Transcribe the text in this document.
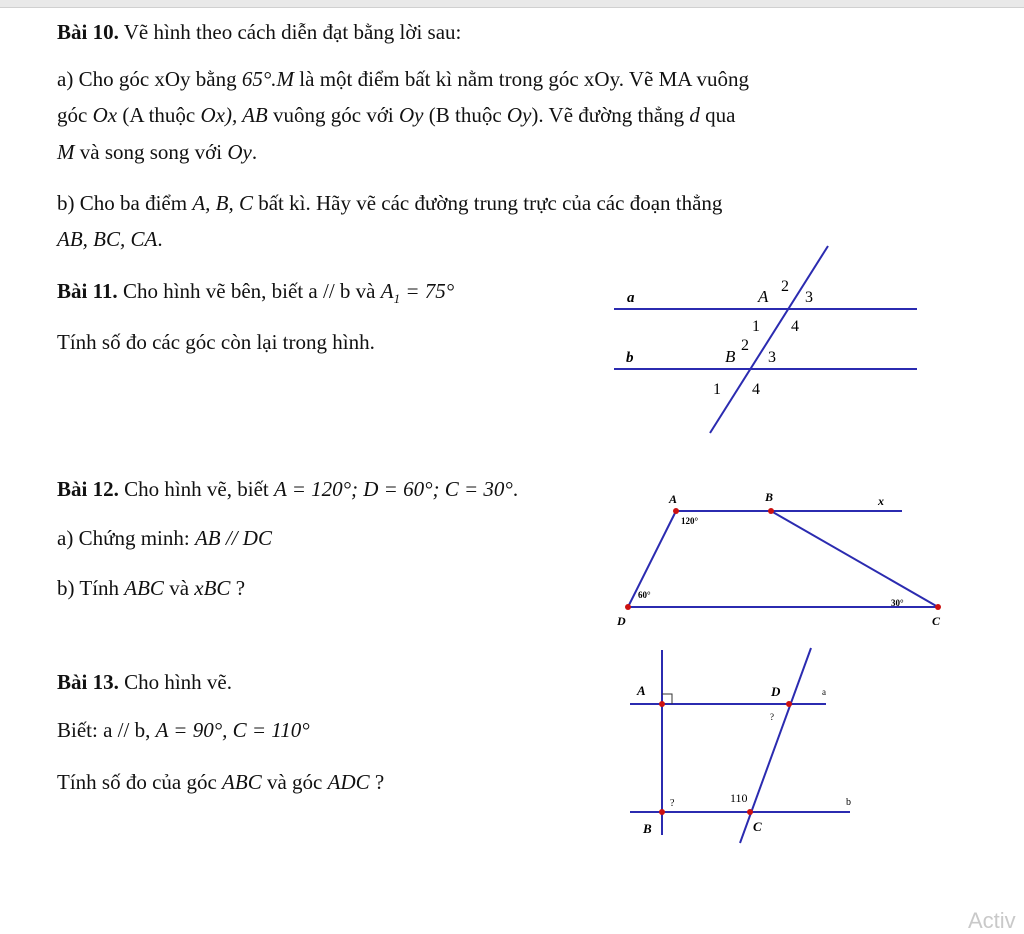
Bài 10. Vẽ hình theo cách diễn đạt bằng lời sau:
a) Cho góc xOy bằng 65°.M là một điểm bất kì nằm trong góc xOy. Vẽ MA vuông
góc Ox (A thuộc Ox), AB vuông góc với Oy (B thuộc Oy). Vẽ đường thẳng d qua
M và song song với Oy.
b) Cho ba điểm A, B, C bất kì. Hãy vẽ các đường trung trực của các đoạn thẳng
AB, BC, CA.
Bài 11. Cho hình vẽ bên, biết a // b và $A_1 = 75^\circ$
Tính số đo các góc còn lại trong hình.
a
b
A
2
3
1 4
B
2
3
1 4
Bài 12. Cho hình vẽ, biết A = 120°; D = 60°; C = 30°.
a) Chứng minh: AB // DC
b) Tính ABC và xBC ?
A	B	x
120°
60°
30°
D	C
Bài 13. Cho hình vẽ.
Biết: a // b, A = 90°, C = 110°
Tính số đo của góc ABC và góc ADC ?
A	D	a
?
?	110	b
B	C
Activ
